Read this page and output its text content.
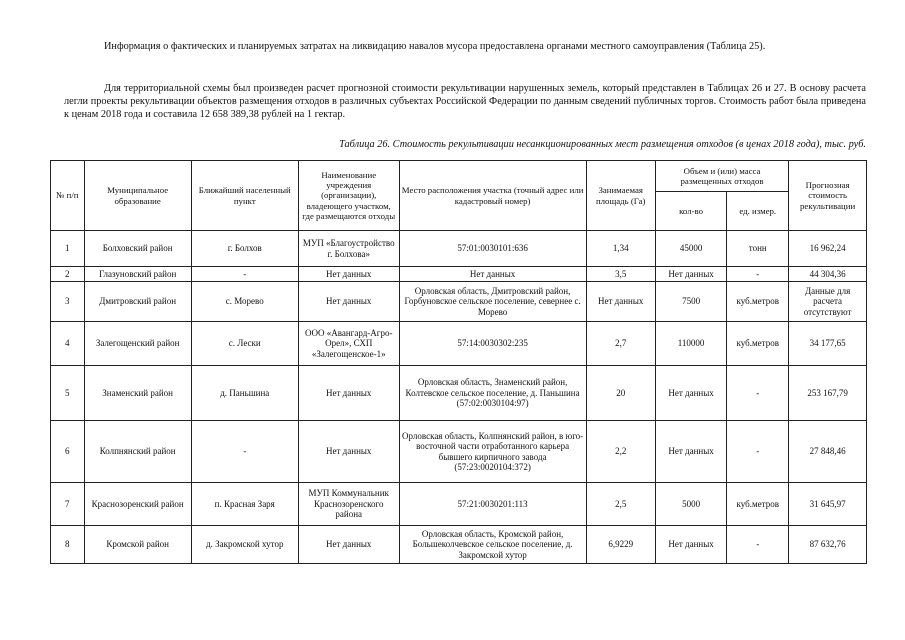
Информация о фактических и планируемых затратах на ликвидацию навалов мусора предоставлена органами местного самоуправления (Таблица 25).

Для территориальной схемы был произведен расчет прогнозной стоимости рекультивации нарушенных земель, который представлен в Таблицах 26 и 27. В основу расчета легли проекты рекультивации объектов размещения отходов в различных субъектах Российской Федерации по данным сведений публичных торгов. Стоимость работ была приведена к ценам 2018 года и составила 12 658 389,38 рублей на 1 гектар.

Таблица 26. Стоимость рекультивации несанкционированных мест размещения отходов (в ценах 2018 года), тыс. руб.

№ п/п	Муниципальное образование	Ближайший населенный пункт	Наименование учреждения (организации), владеющего участком, где размещаются отходы	Место расположения участка (точный адрес или кадастровый номер)	Занимаемая площадь (Га)	Объем и (или) масса размещенных отходов		Прогнозная стоимость рекультивации
						кол-во	ед. измер.	
1	Болховский район	г. Болхов	МУП «Благоустройство г. Болхова»	57:01:0030101:636	1,34	45000	тонн	16 962,24
2	Глазуновский район	-	Нет данных	Нет данных	3,5	Нет данных	-	44 304,36
3	Дмитровский район	с. Морево	Нет данных	Орловская область, Дмитровский район, Горбуновское сельское поселение, севернее с. Морево	Нет данных	7500	куб.метров	Данные для расчета отсутствуют
4	Залегощенский район	с. Лески	ООО «Авангард-Агро-Орел», СХП «Залегощенское-1»	57:14:0030302:235	2,7	110000	куб.метров	34 177,65
5	Знаменский район	д. Паньшина	Нет данных	Орловская область, Знаменский район, Колтевское сельское поселение, д. Паньшина (57:02:0030104:97)	20	Нет данных	-	253 167,79
6	Колпнянский район	-	Нет данных	Орловская область, Колпнянский район, в юго-восточной части отработанного карьера бывшего кирпичного завода (57:23:0020104:372)	2,2	Нет данных	-	27 848,46
7	Краснозоренский район	п. Красная Заря	МУП Коммунальник Краснозоренского района	57:21:0030201:113	2,5	5000	куб.метров	31 645,97
8	Кромской район	д. Закромской хутор	Нет данных	Орловская область, Кромской район, Большеколчевское сельское поселение, д. Закромской хутор	6,9229	Нет данных	-	87 632,76
